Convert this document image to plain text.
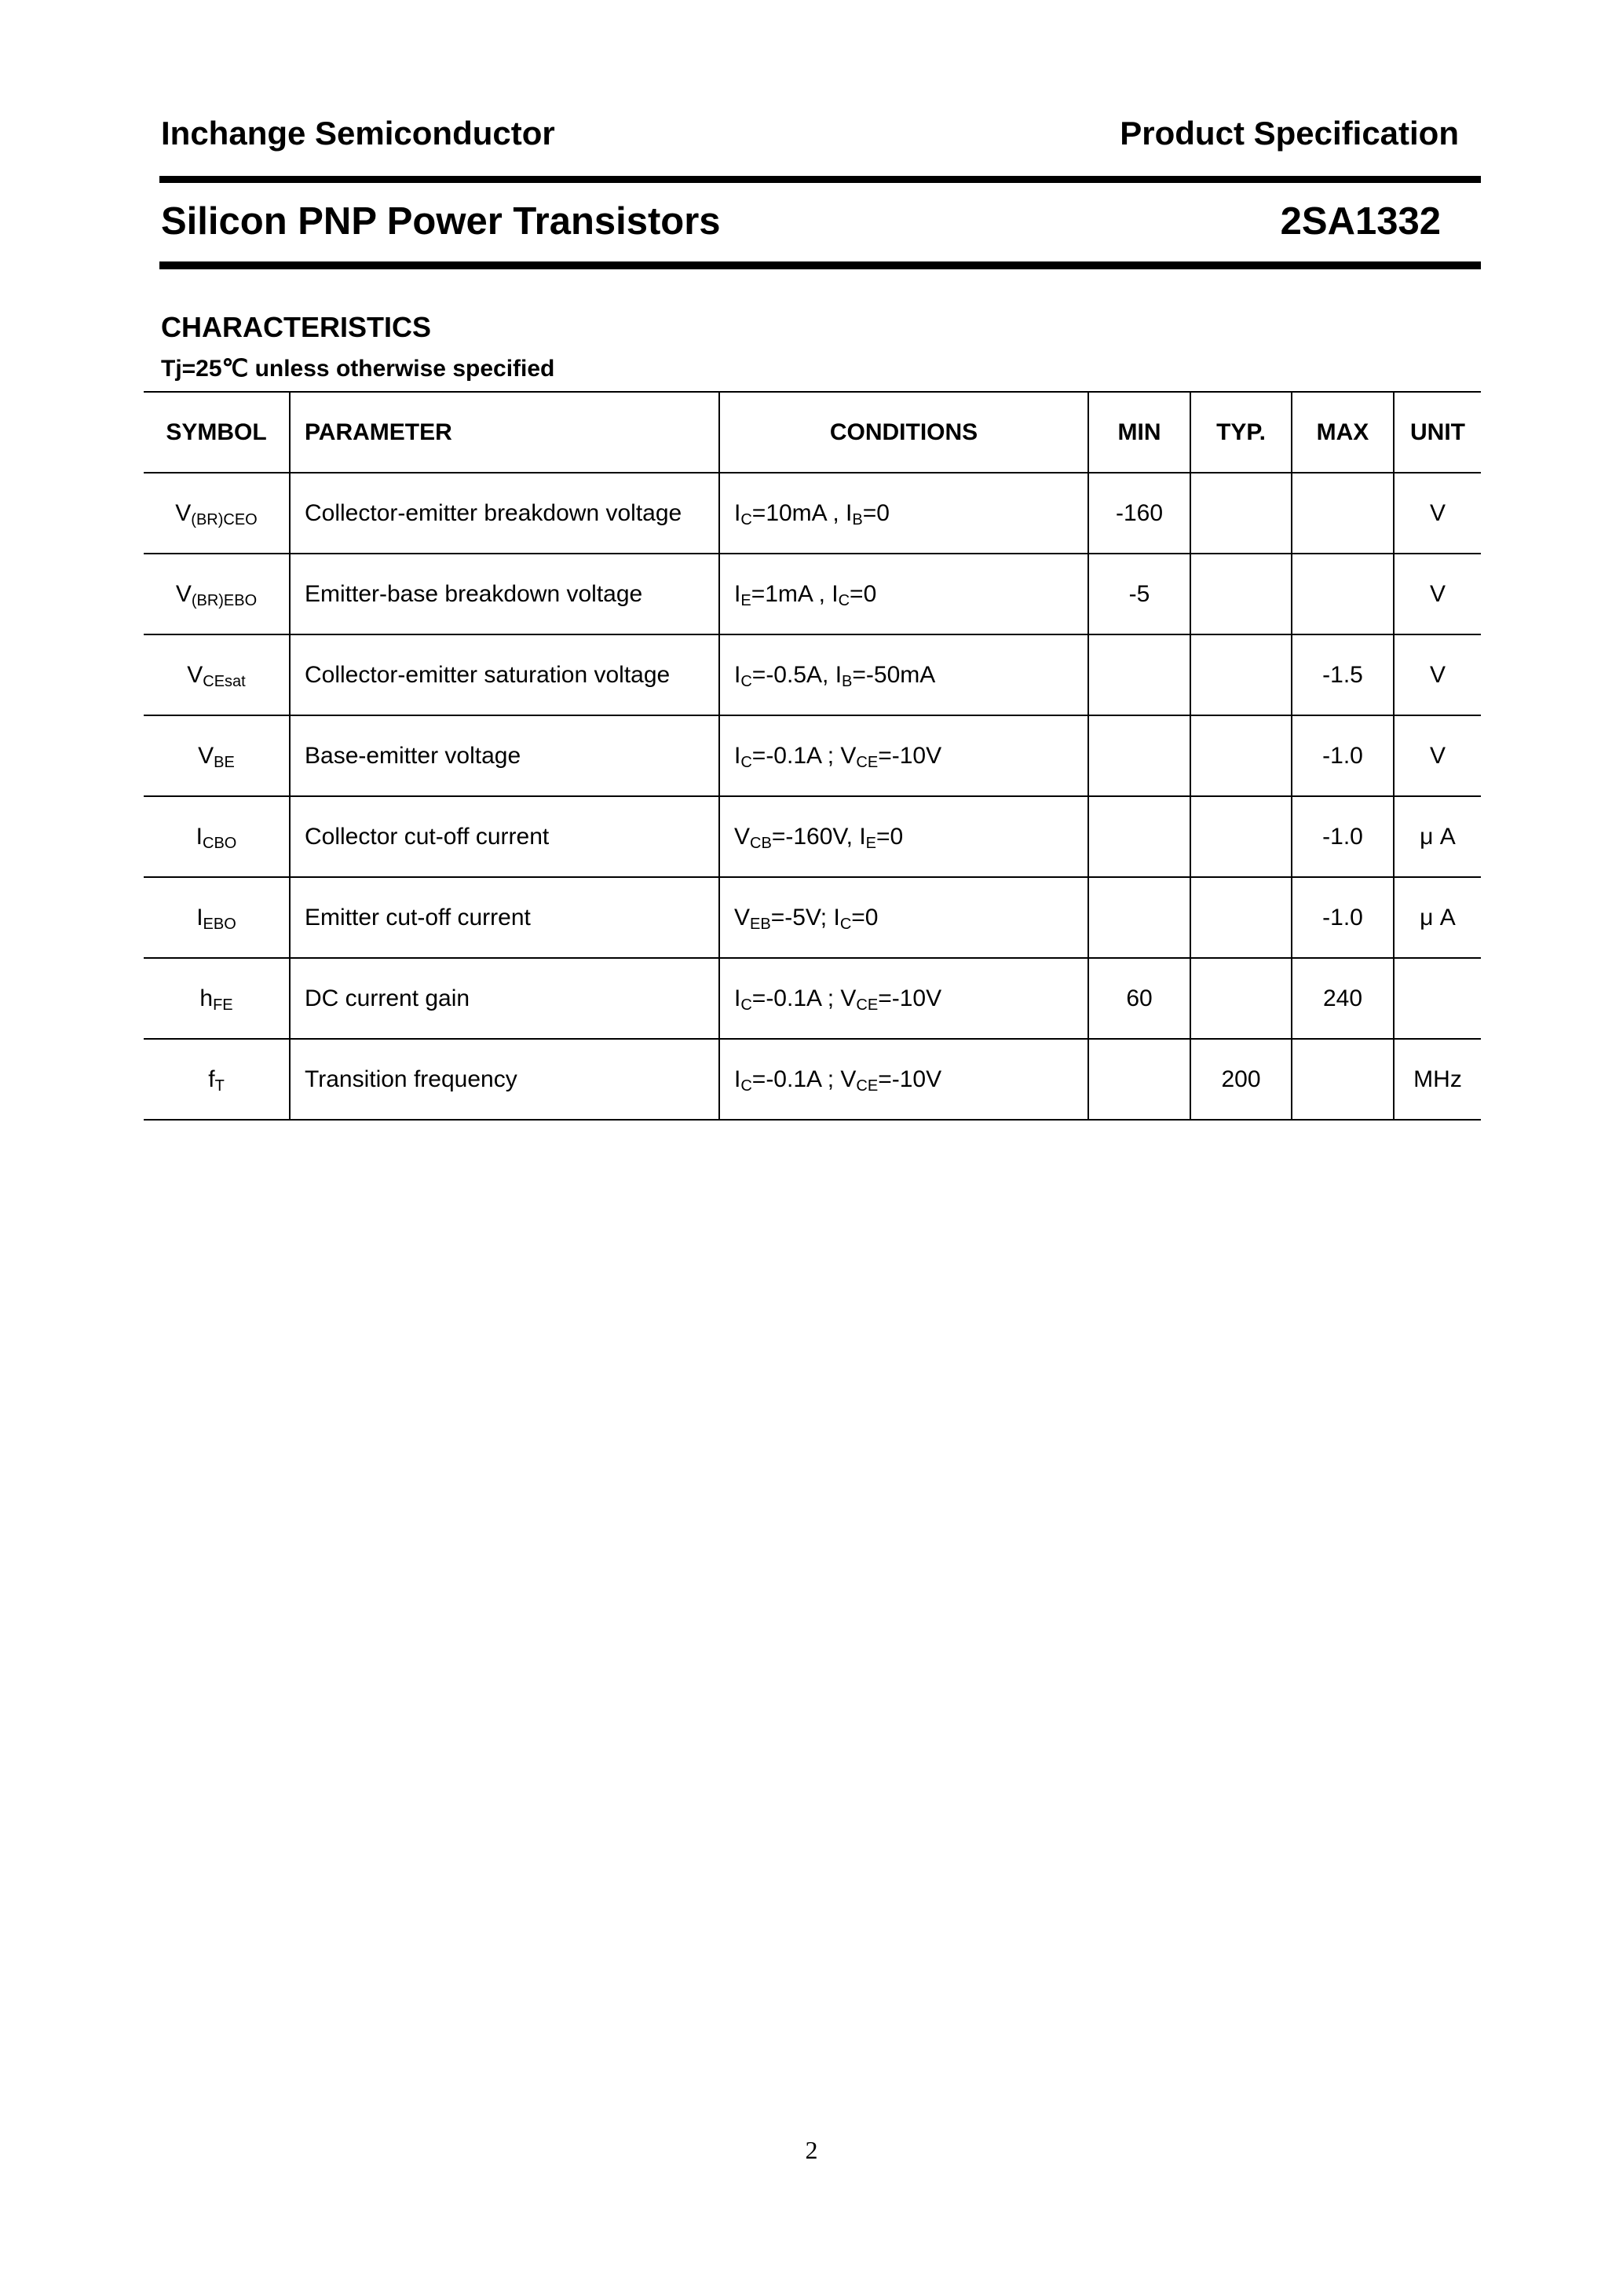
Inchange Semiconductor	Product Specification
Silicon PNP Power Transistors	2SA1332
CHARACTERISTICS
Tj=25℃ unless otherwise specified
SYMBOL	PARAMETER	CONDITIONS	MIN	TYP.	MAX	UNIT
$V_{(BR)CEO}$	Collector-emitter breakdown voltage	$I_C=10mA$ , $I_B=0$	-160			V
$V_{(BR)EBO}$	Emitter-base breakdown voltage	$I_E=1mA$ , $I_C=0$	-5			V
$V_{CEsat}$	Collector-emitter saturation voltage	$I_C=-0.5A$, $I_B=-50mA$			-1.5	V
$V_{BE}$	Base-emitter voltage	$I_C=-0.1A$ ; $V_{CE}=-10V$			-1.0	V
$I_{CBO}$	Collector cut-off current	$V_{CB}=-160V$, $I_E=0$			-1.0	μ A
$I_{EBO}$	Emitter cut-off current	$V_{EB}=-5V$; $I_C=0$			-1.0	μ A
$h_{FE}$	DC current gain	$I_C=-0.1A$ ; $V_{CE}=-10V$	60		240	
$f_T$	Transition frequency	$I_C=-0.1A$ ; $V_{CE}=-10V$		200		MHz
2
